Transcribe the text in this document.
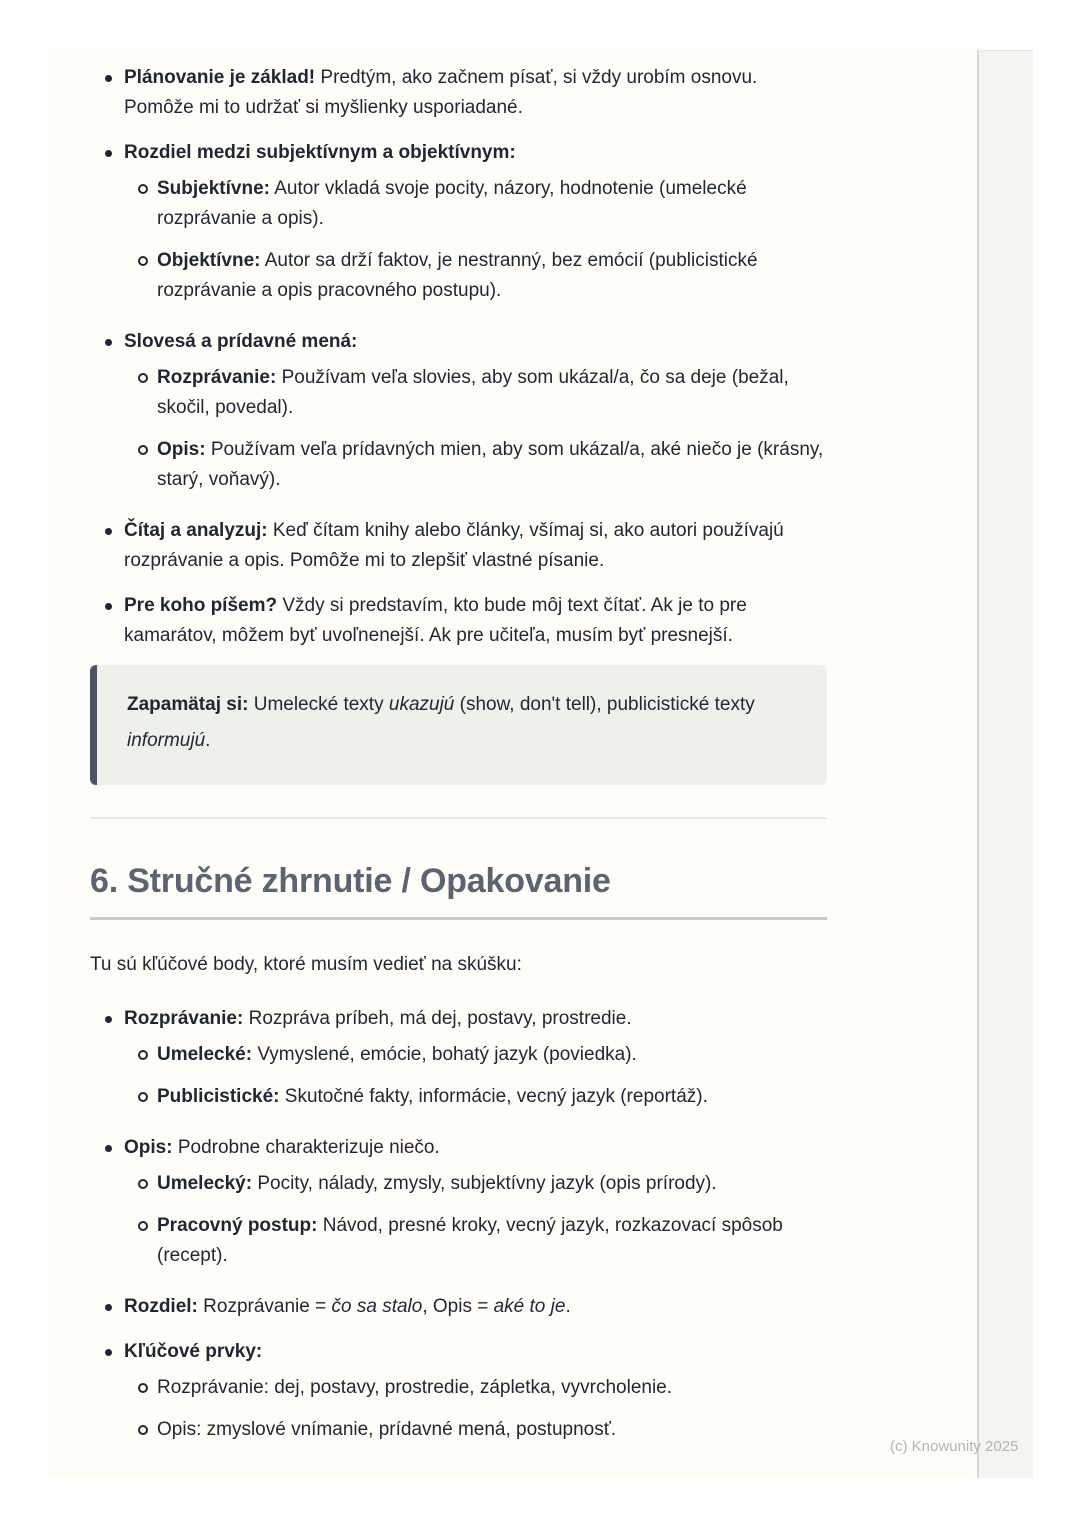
Plánovanie je základ! Predtým, ako začnem písať, si vždy urobím osnovu. Pomôže mi to udržať si myšlienky usporiadané.
Rozdiel medzi subjektívnym a objektívnym:
Subjektívne: Autor vkladá svoje pocity, názory, hodnotenie (umelecké rozprávanie a opis).
Objektívne: Autor sa drží faktov, je nestranný, bez emócií (publicistické rozprávanie a opis pracovného postupu).
Slovesá a prídavné mená:
Rozprávanie: Používam veľa slovies, aby som ukázal/a, čo sa deje (bežal, skočil, povedal).
Opis: Používam veľa prídavných mien, aby som ukázal/a, aké niečo je (krásny, starý, voňavý).
Čítaj a analyzuj: Keď čítam knihy alebo články, všímaj si, ako autori používajú rozprávanie a opis. Pomôže mi to zlepšiť vlastné písanie.
Pre koho píšem? Vždy si predstavím, kto bude môj text čítať. Ak je to pre kamarátov, môžem byť uvoľnenejší. Ak pre učiteľa, musím byť presnejší.
Zapamätaj si: Umelecké texty ukazujú (show, don't tell), publicistické texty informujú.
6. Stručné zhrnutie / Opakovanie

Tu sú kľúčové body, ktoré musím vedieť na skúšku:

Rozprávanie: Rozpráva príbeh, má dej, postavy, prostredie.
Umelecké: Vymyslené, emócie, bohatý jazyk (poviedka).
Publicistické: Skutočné fakty, informácie, vecný jazyk (reportáž).
Opis: Podrobne charakterizuje niečo.
Umelecký: Pocity, nálady, zmysly, subjektívny jazyk (opis prírody).
Pracovný postup: Návod, presné kroky, vecný jazyk, rozkazovací spôsob (recept).
Rozdiel: Rozprávanie = čo sa stalo, Opis = aké to je.
Kľúčové prvky:
Rozprávanie: dej, postavy, prostredie, zápletka, vyvrcholenie.
Opis: zmyslové vnímanie, prídavné mená, postupnosť.
(c) Knowunity 2025
